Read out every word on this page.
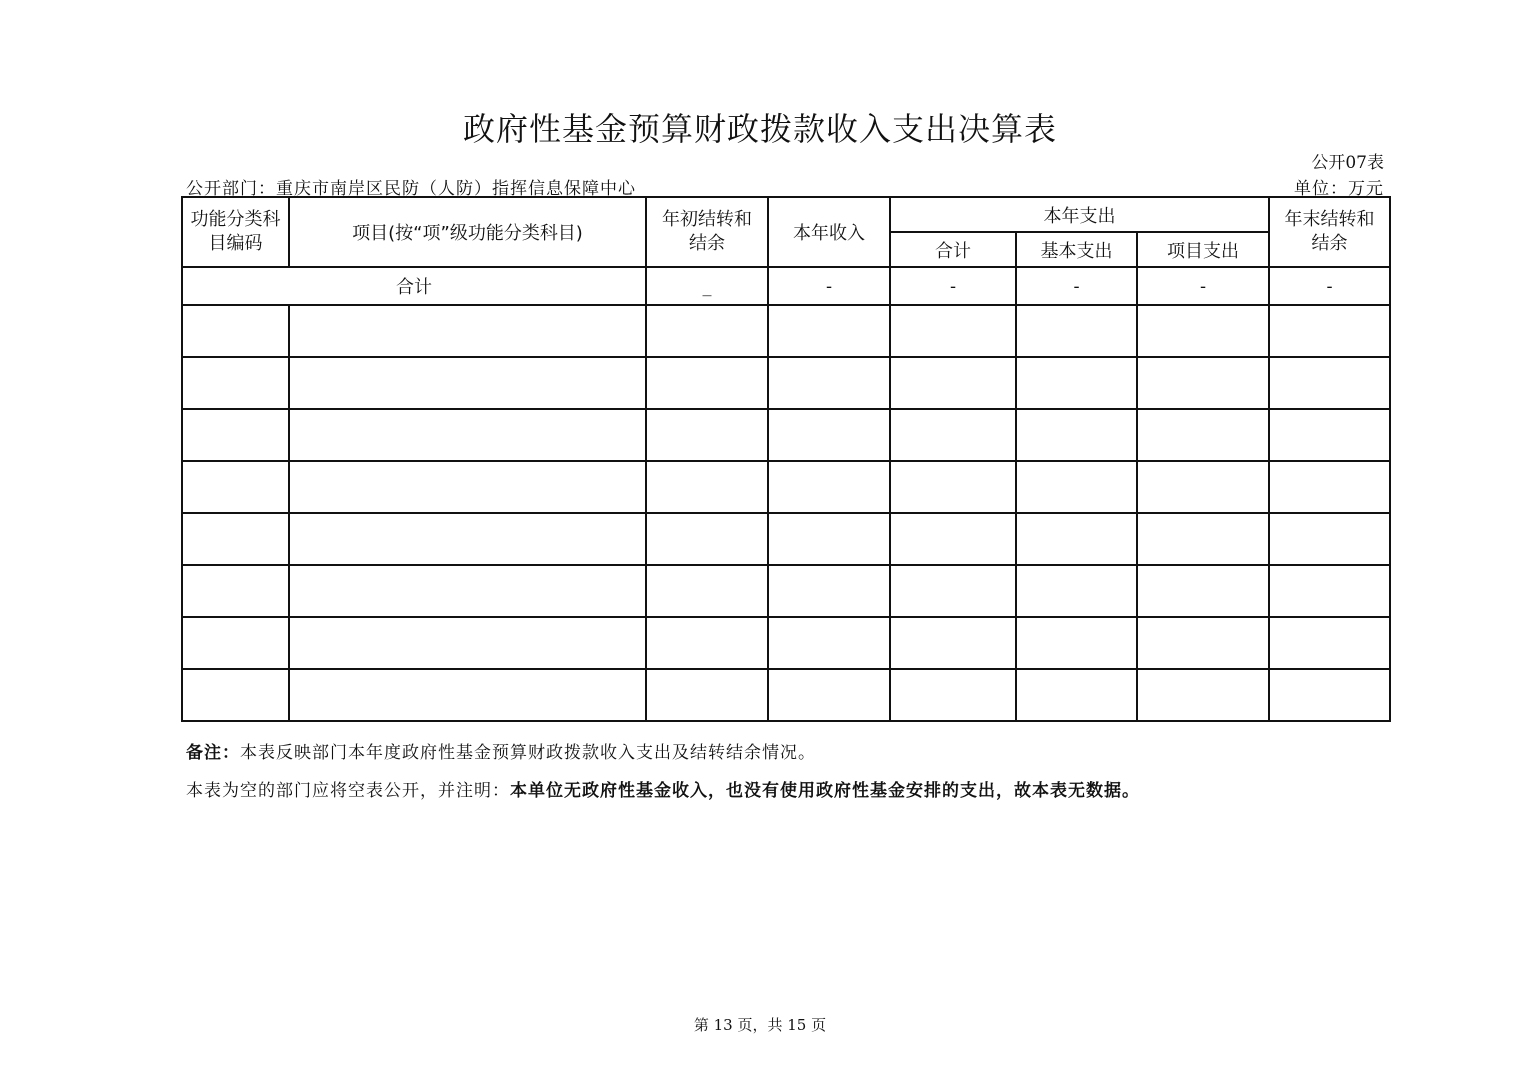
政府性基金预算财政拨款收入支出决算表
公开07表
公开部门：重庆市南岸区民防（人防）指挥信息保障中心	单位：万元
功能分类科目编码	项目(按“项”级功能分类科目)	年初结转和结余	本年收入	本年支出			年末结转和结余
				合计	基本支出	项目支出	
合计		_	-	-	-	-	-

备注：本表反映部门本年度政府性基金预算财政拨款收入支出及结转结余情况。
本表为空的部门应将空表公开，并注明：本单位无政府性基金收入，也没有使用政府性基金安排的支出，故本表无数据。
第 13 页，共 15 页
